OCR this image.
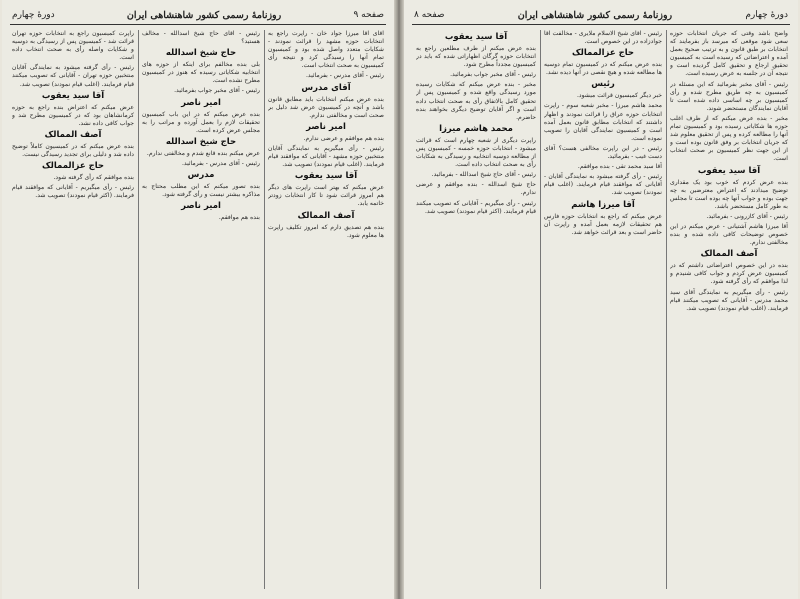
صفحه ۹
روزنامهٔ رسمی کشور شاهنشاهی ایران
دورهٔ چهارم

آقای آقا میرزا جواد خان - راپرت راجع به انتخابات حوزه مشهد را قرائت نمودند - شکایات متعدد واصل شده بود و کمیسیون تمام آنها را رسیدگی کرد و نتیجه رأی کمیسیون به صحت انتخاب است.

رئیس - آقای مدرس - بفرمائید.

آقای مدرس

بنده عرض میکنم انتخابات باید مطابق قانون باشد و آنچه در کمیسیون عرض شد دلیل بر صحت است و مخالفتی ندارم.

امیر ناصر

بنده هم موافقم و عرضی ندارم.

رئیس - رأی میگیریم به نمایندگی آقایان منتخبین حوزه مشهد - آقایانی که موافقند قیام فرمایند. (اغلب قیام نمودند) تصویب شد.

آقا سید یعقوب

عرض میکنم که بهتر است راپرت های دیگر هم امروز قرائت شود تا کار انتخابات زودتر خاتمه یابد.

آصف الممالک

بنده هم تصدیق دارم که امروز تکلیف راپرت ها معلوم شود.

رئیس - آقای حاج شیخ اسدالله - مخالف هستید؟

حاج شیخ اسدالله

بلی بنده مخالفم برای اینکه از حوزه های انتخابیه شکایاتی رسیده که هنوز در کمیسیون مطرح نشده است.

رئیس - آقای مخبر جواب بفرمائید.

امیر ناصر

بنده عرض میکنم که در این باب کمیسیون تحقیقات لازم را بعمل آورده و مراتب را به مجلس عرض کرده است.

حاج شیخ اسدالله

عرض میکنم بنده قانع شدم و مخالفتی ندارم.

رئیس - آقای مدرس - بفرمائید.

مدرس

بنده تصور میکنم که این مطلب محتاج به مذاکره بیشتر نیست و رأی گرفته شود.

امیر ناصر

بنده هم موافقم.

راپرت کمیسیون راجع به انتخابات حوزه تهران قرائت شد - کمیسیون پس از رسیدگی به دوسیه و شکایات واصله رأی به صحت انتخاب داده است.

رئیس - رأی گرفته میشود به نمایندگی آقایان منتخبین حوزه تهران - آقایانی که تصویب میکنند قیام فرمایند. (اغلب قیام نمودند) تصویب شد.

آقا سید یعقوب

عرض میکنم که اعتراض بنده راجع به حوزه کرمانشاهان بود که در کمیسیون مطرح شد و جواب کافی داده نشد.

آصف الممالک

بنده عرض میکنم که در کمیسیون کاملاً توضیح داده شد و دلیلی برای تجدید رسیدگی نیست.

حاج عزالممالک

بنده موافقم که رأی گرفته شود.

رئیس - رأی میگیریم - آقایانی که موافقند قیام فرمایند. (اکثر قیام نمودند) تصویب شد.

دورهٔ چهارم
روزنامهٔ رسمی کشور شاهنشاهی ایران
صفحه ۸

واضح باشد وقتی که جریان انتخابات حوزه سعی شود موقعی که میرسد باز بفرمایند که انتخابات بر طبق قانون و به ترتیب صحیح بعمل آمده و اعتراضاتی که رسیده است به کمیسیون تحقیق ارجاع و تحقیق کامل گردیده است و نتیجه آن در جلسه به عرض رسیده است.

رئیس - آقای مخبر بفرمائید که این مسئله در کمیسیون به چه طریق مطرح شده و رأی کمیسیون بر چه اساسی داده شده است تا آقایان نمایندگان مستحضر شوند.

مخبر - بنده عرض میکنم که از طرف اغلب حوزه ها شکایاتی رسیده بود و کمیسیون تمام آنها را مطالعه کرده و پس از تحقیق معلوم شد که جریان انتخابات بر وفق قانون بوده است و از این جهت نظر کمیسیون بر صحت انتخاب است.

آقا سید یعقوب

بنده عرض کردم که خوب بود یک مقداری توضیح میدادند که اعتراض معترضین به چه جهت بوده و جواب آنها چه بوده است تا مجلس به طور کامل مستحضر باشد.

رئیس - آقای کازرونی - بفرمائید.

آقا میرزا هاشم آشتیانی - عرض میکنم در این خصوص توضیحات کافی داده شده و بنده مخالفتی ندارم.

آصف الممالک

بنده در این خصوص اعتراضاتی داشتم که در کمیسیون عرض کردم و جواب کافی شنیدم و لذا موافقم که رأی گرفته شود.

رئیس - رأی میگیریم به نمایندگی آقای سید محمد مدرس - آقایانی که تصویب میکنند قیام فرمایند. (اغلب قیام نمودند) تصویب شد.

رئیس - آقای شیخ الاسلام ملایری - مخالفت آقا جوادزاده در این خصوص است.

حاج عزالممالک

بنده عرض میکنم که در کمیسیون تمام دوسیه ها مطالعه شده و هیچ نقصی در آنها دیده نشد.

رئیس

خبر دیگر کمیسیون قرائت میشود.

محمد هاشم میرزا - مخبر شعبه سوم - راپرت انتخابات حوزه عراق را قرائت نمودند و اظهار داشتند که انتخابات مطابق قانون بعمل آمده است و کمیسیون نمایندگی آقایان را تصویب نموده است.

رئیس - در این راپرت مخالفی هست؟ آقای دست غیب - بفرمائید.

آقا سید محمد تقی - بنده موافقم.

رئیس - رأی گرفته میشود به نمایندگی آقایان - آقایانی که موافقند قیام فرمایند. (اغلب قیام نمودند) تصویب شد.

آقا میرزا هاشم

عرض میکنم که راجع به انتخابات حوزه فارس هم تحقیقات لازمه بعمل آمده و راپرت آن حاضر است و بعد قرائت خواهد شد.

آقا سید یعقوب

بنده عرض میکنم از طرف مطلعین راجع به انتخابات حوزه گرگان اظهاراتی شده که باید در کمیسیون مجدداً مطرح شود.

رئیس - آقای مخبر جواب بفرمائید.

مخبر - بنده عرض میکنم که شکایات رسیده مورد رسیدگی واقع شده و کمیسیون پس از تحقیق کامل بالاتفاق رأی به صحت انتخاب داده است و اگر آقایان توضیح دیگری بخواهند بنده حاضرم.

محمد هاشم میرزا

راپرت دیگری از شعبه چهارم است که قرائت میشود - انتخابات حوزه خمسه - کمیسیون پس از مطالعه دوسیه انتخابیه و رسیدگی به شکایات رأی به صحت انتخاب داده است.

رئیس - آقای حاج شیخ اسدالله - بفرمائید.

حاج شیخ اسدالله - بنده موافقم و عرضی ندارم.

رئیس - رأی میگیریم - آقایانی که تصویب میکنند قیام فرمایند. (اکثر قیام نمودند) تصویب شد.
